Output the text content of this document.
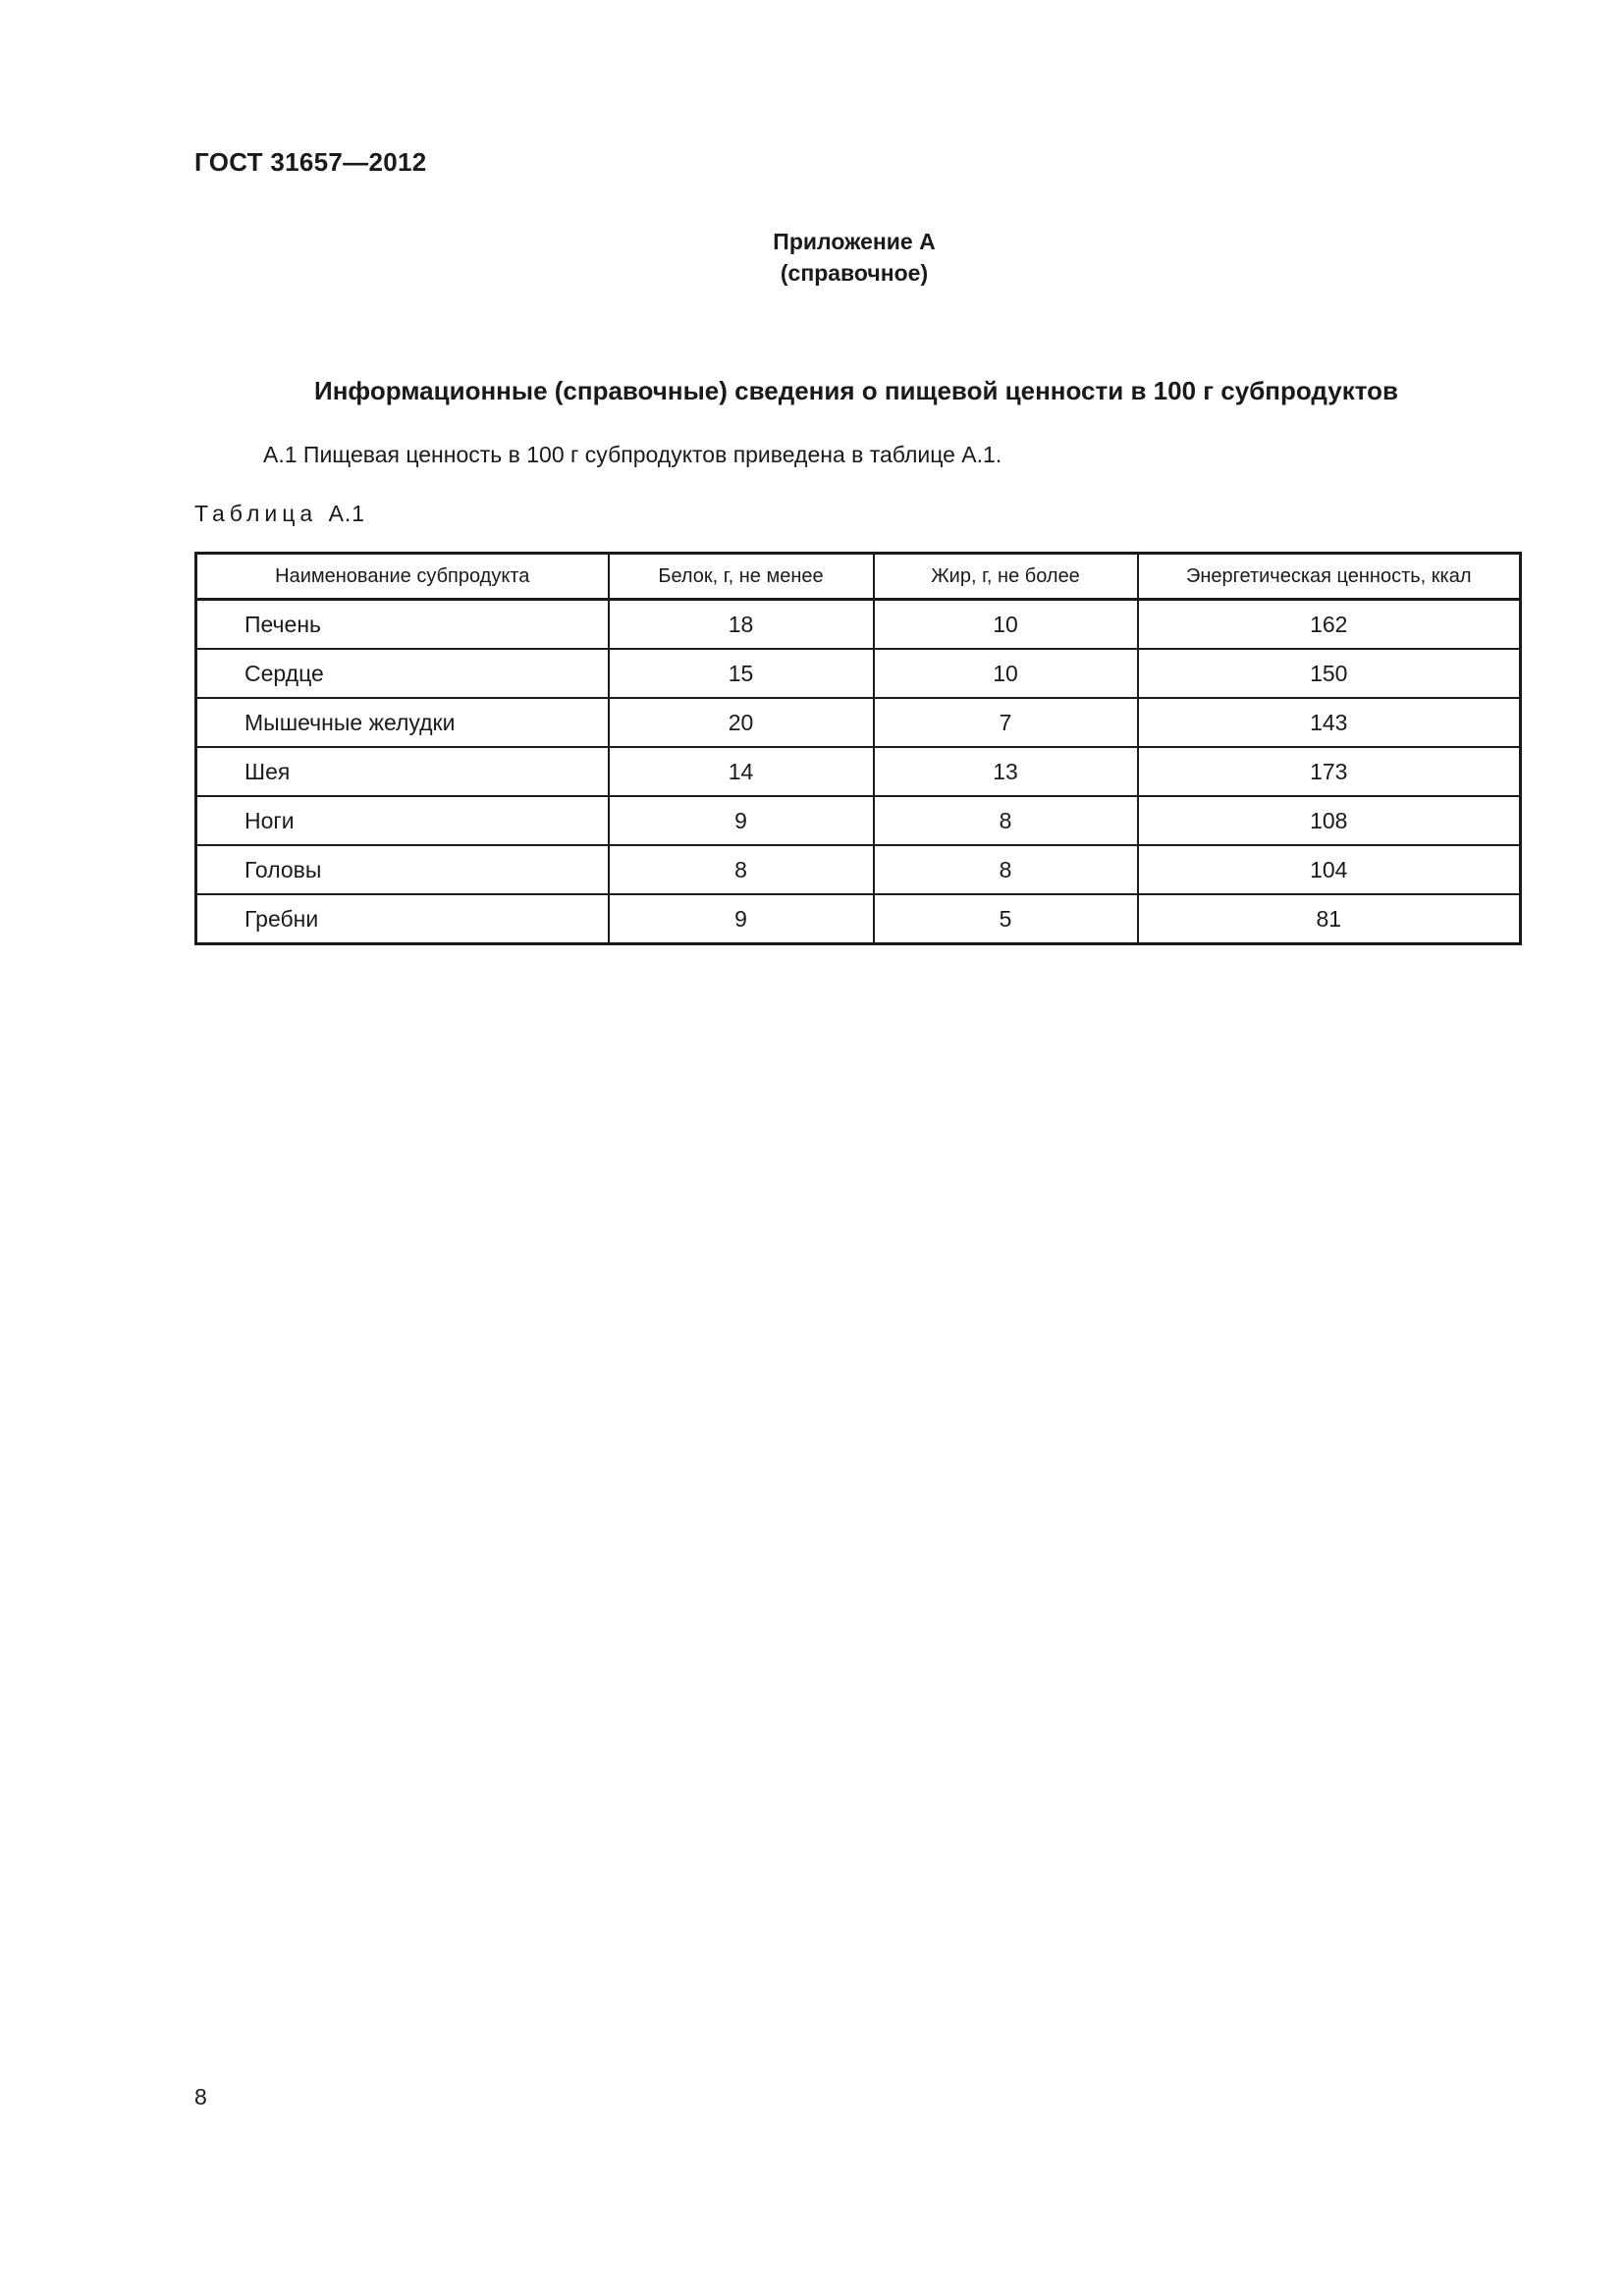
ГОСТ 31657—2012
Приложение А
(справочное)
Информационные (справочные) сведения о пищевой ценности в 100 г субпродуктов
А.1 Пищевая ценность в 100 г субпродуктов приведена в таблице А.1.
Таблица А.1
Наименование субпродукта	Белок, г, не менее	Жир, г, не более	Энергетическая ценность, ккал
Печень	18	10	162
Сердце	15	10	150
Мышечные желудки	20	7	143
Шея	14	13	173
Ноги	9	8	108
Головы	8	8	104
Гребни	9	5	81
8
